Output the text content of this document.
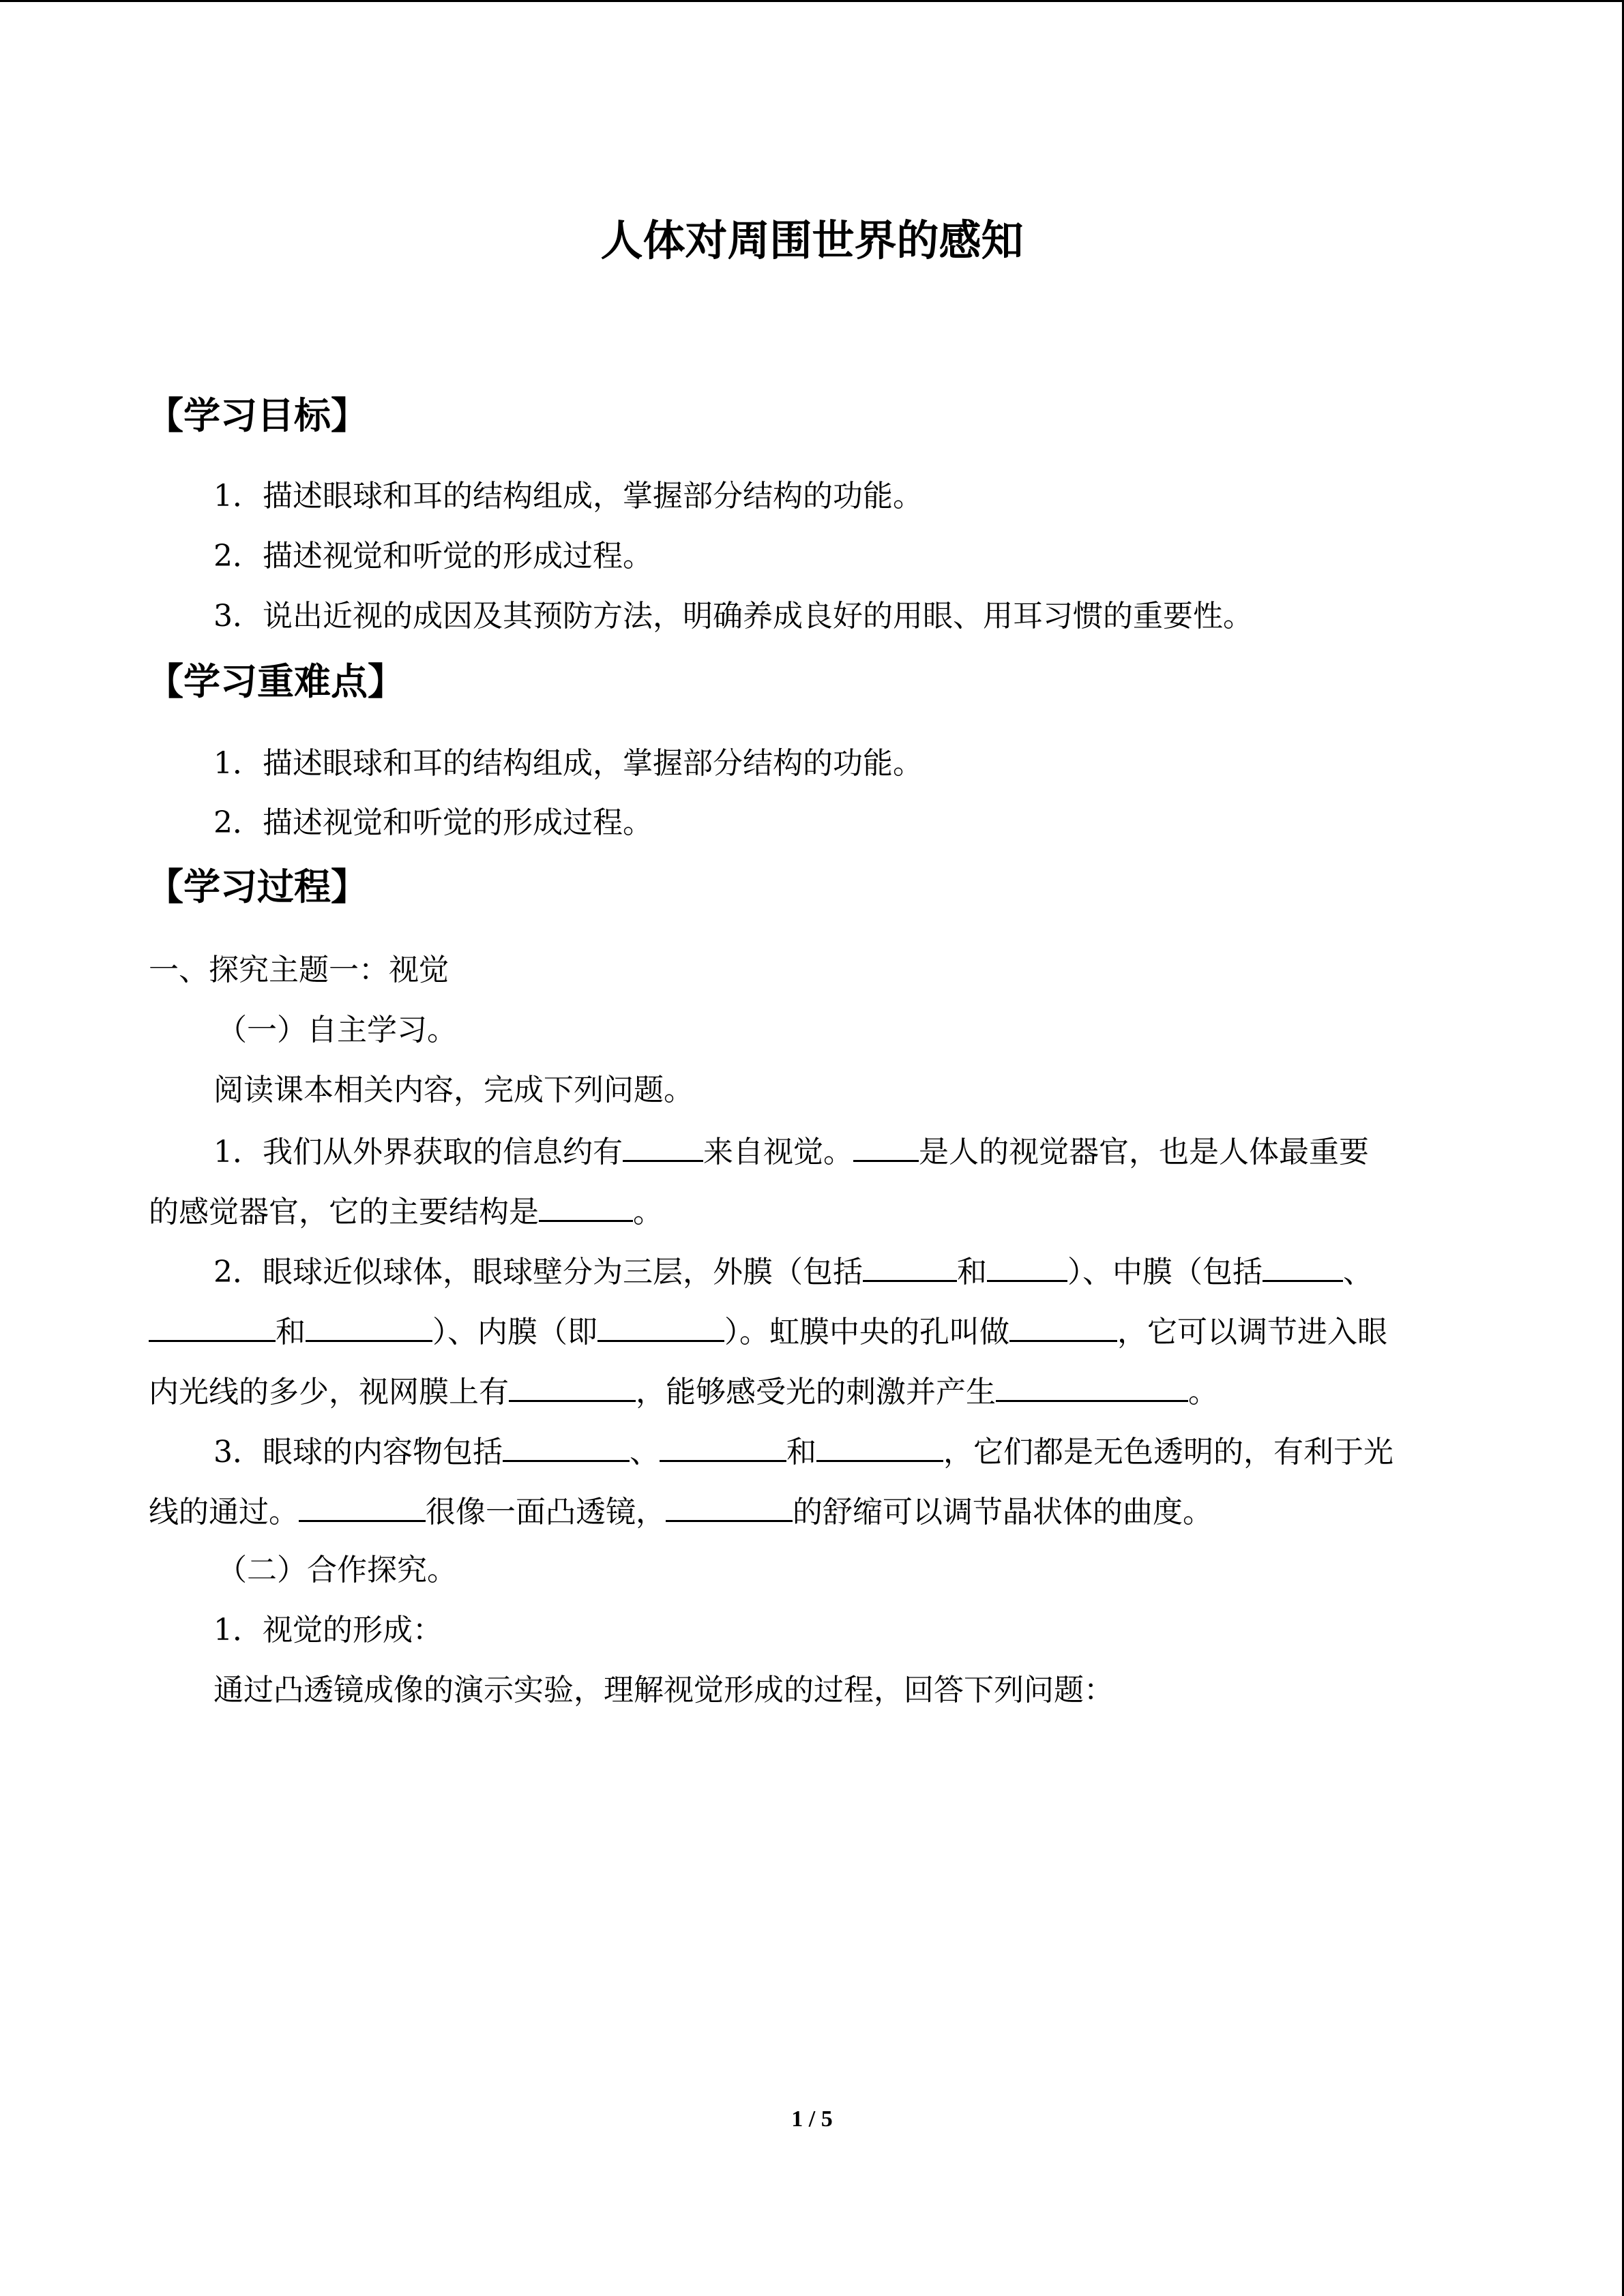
人体对周围世界的感知
【学习目标】

1．描述眼球和耳的结构组成，掌握部分结构的功能。

2．描述视觉和听觉的形成过程。

3．说出近视的成因及其预防方法，明确养成良好的用眼、用耳习惯的重要性。

【学习重难点】

1．描述眼球和耳的结构组成，掌握部分结构的功能。

2．描述视觉和听觉的形成过程。

【学习过程】

一、探究主题一：视觉

（一）自主学习。

阅读课本相关内容，完成下列问题。

1．我们从外界获取的信息约有	来自视觉。 是人的视觉器官，也是人体最重要

的感觉器官，它的主要结构是	。

2．眼球近似球体，眼球壁分为三层，外膜（包括	和	）、中膜（包括	、

和	）、内膜（即	）。虹膜中央的孔叫做	，它可以调节进入眼

内光线的多少，视网膜上有	，能够感受光的刺激并产生	。

3．眼球的内容物包括	、	和	，它们都是无色透明的，有利于光

线的通过。	很像一面凸透镜，	的舒缩可以调节晶状体的曲度。

（二）合作探究。

1．视觉的形成：

通过凸透镜成像的演示实验，理解视觉形成的过程，回答下列问题：

1 / 5
